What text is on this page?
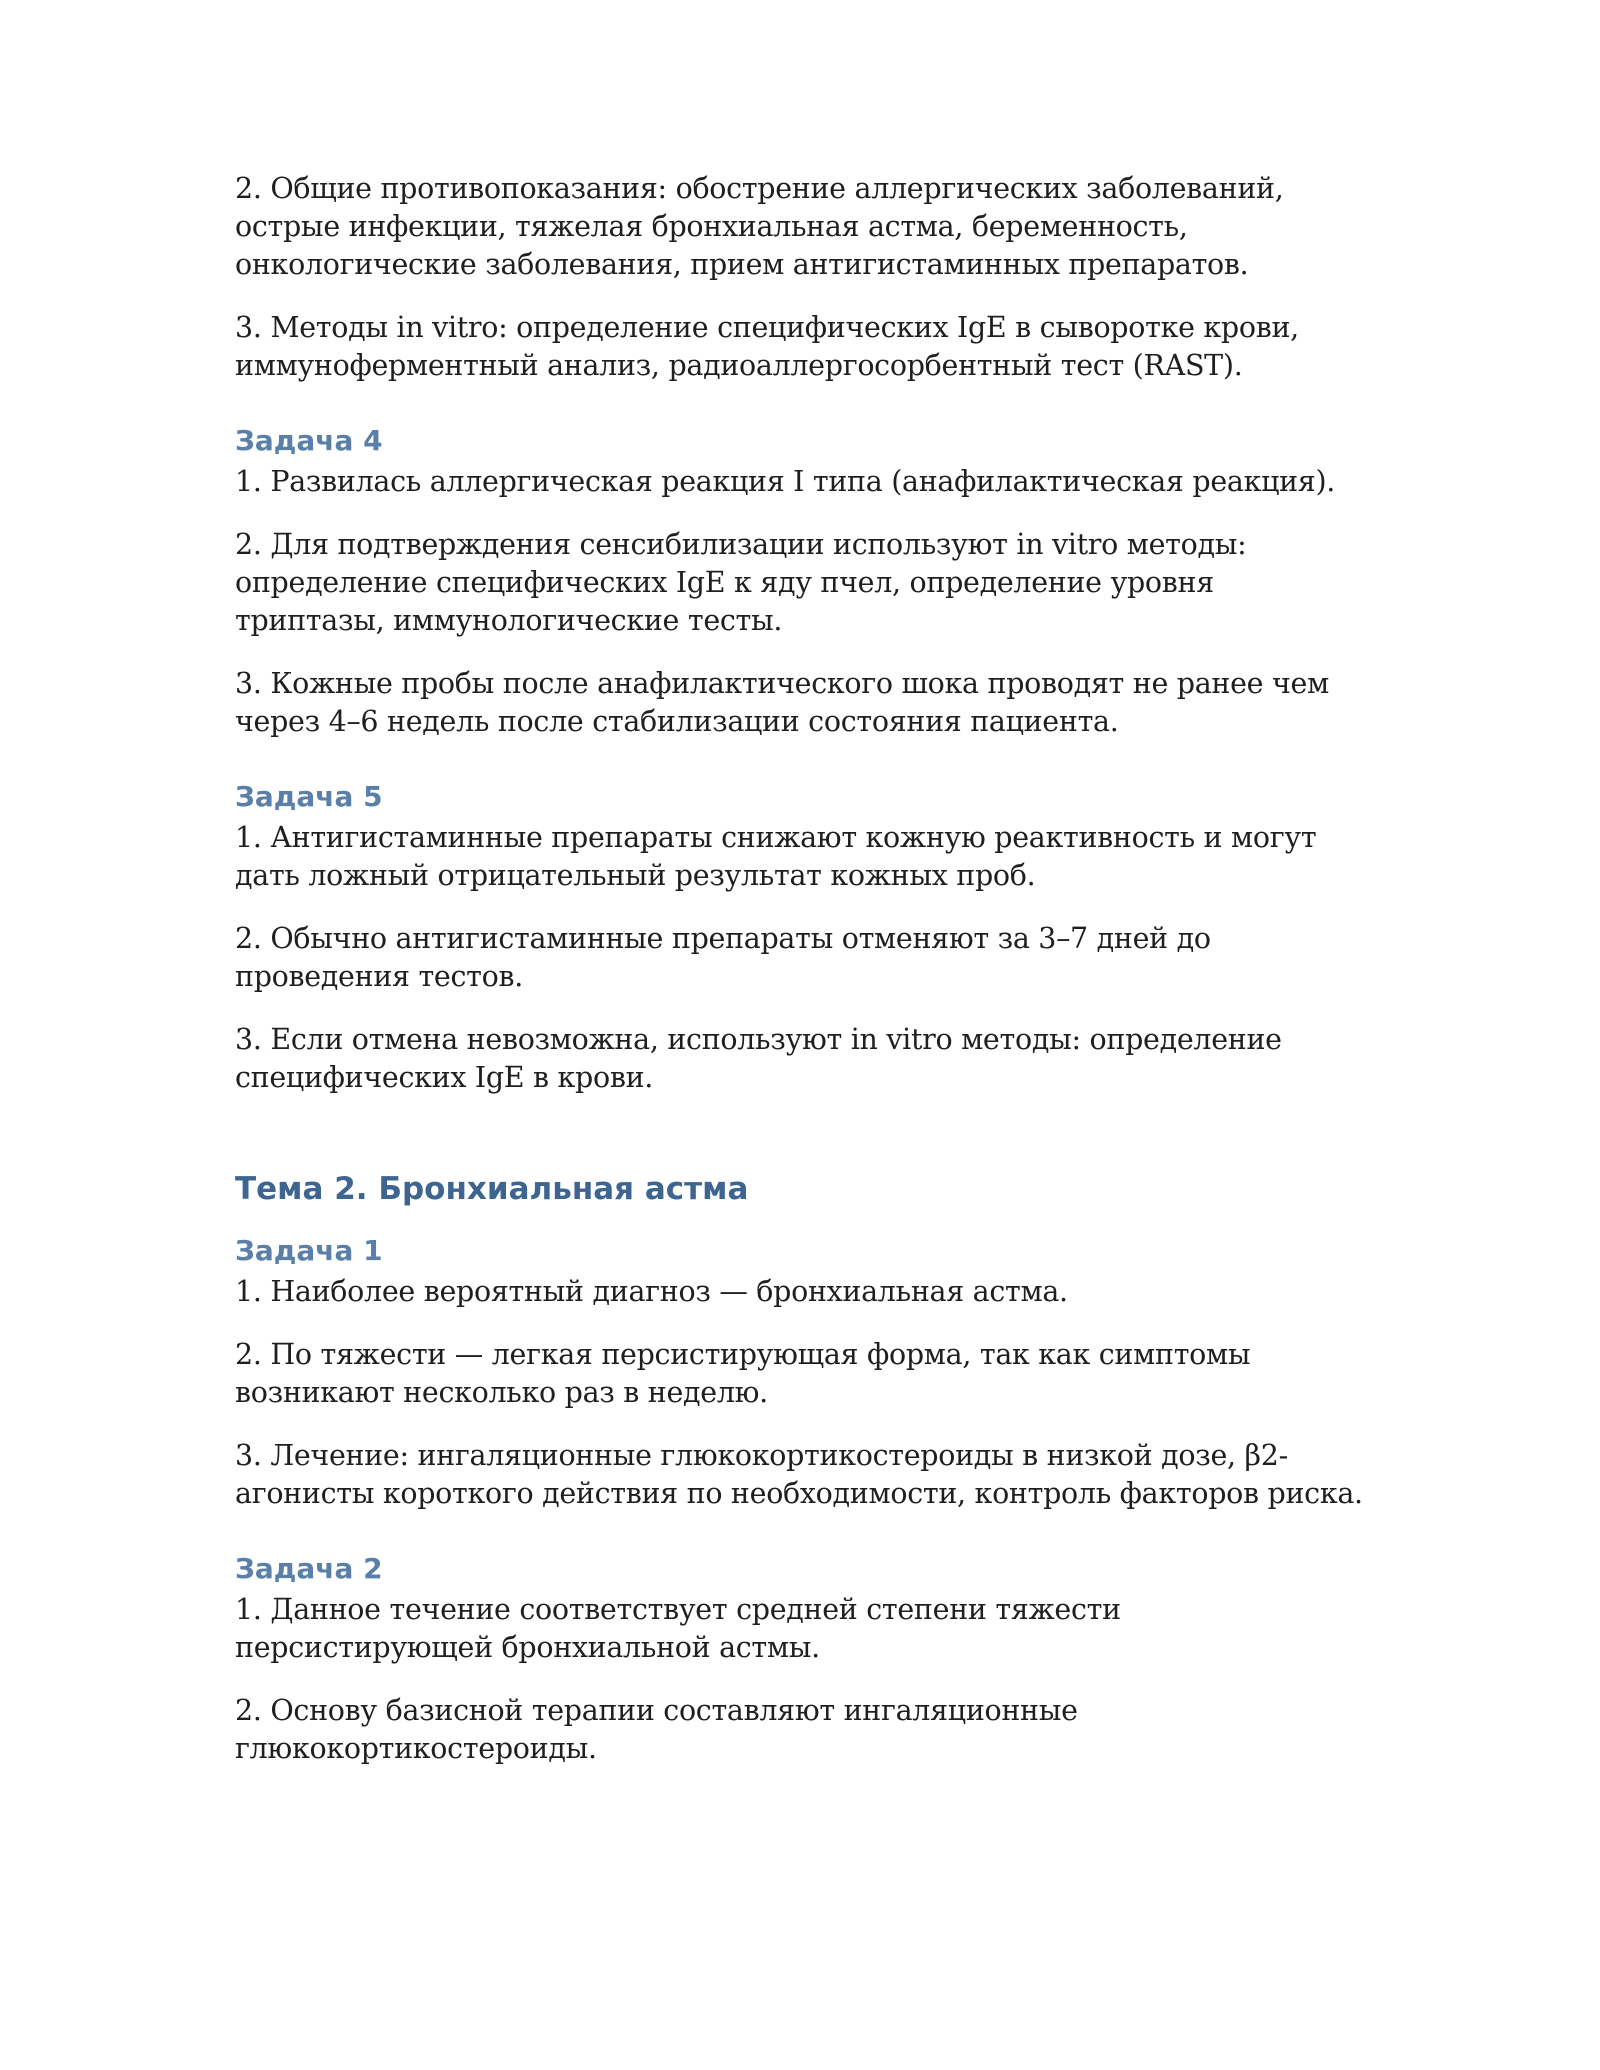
2. Общие противопоказания: обострение аллергических заболеваний, острые инфекции, тяжелая бронхиальная астма, беременность, онкологические заболевания, прием антигистаминных препаратов.

3. Методы in vitro: определение специфических IgE в сыворотке крови, иммуноферментный анализ, радиоаллергосорбентный тест (RAST).

Задача 4

1. Развилась аллергическая реакция I типа (анафилактическая реакция).

2. Для подтверждения сенсибилизации используют in vitro методы: определение специфических IgE к яду пчел, определение уровня триптазы, иммунологические тесты.

3. Кожные пробы после анафилактического шока проводят не ранее чем через 4–6 недель после стабилизации состояния пациента.

Задача 5

1. Антигистаминные препараты снижают кожную реактивность и могут дать ложный отрицательный результат кожных проб.

2. Обычно антигистаминные препараты отменяют за 3–7 дней до проведения тестов.

3. Если отмена невозможна, используют in vitro методы: определение специфических IgE в крови.

Тема 2. Бронхиальная астма
Задача 1

1. Наиболее вероятный диагноз — бронхиальная астма.

2. По тяжести — легкая персистирующая форма, так как симптомы возникают несколько раз в неделю.

3. Лечение: ингаляционные глюкокортикостероиды в низкой дозе, β2-агонисты короткого действия по необходимости, контроль факторов риска.

Задача 2

1. Данное течение соответствует средней степени тяжести персистирующей бронхиальной астмы.

2. Основу базисной терапии составляют ингаляционные глюкокортикостероиды.
